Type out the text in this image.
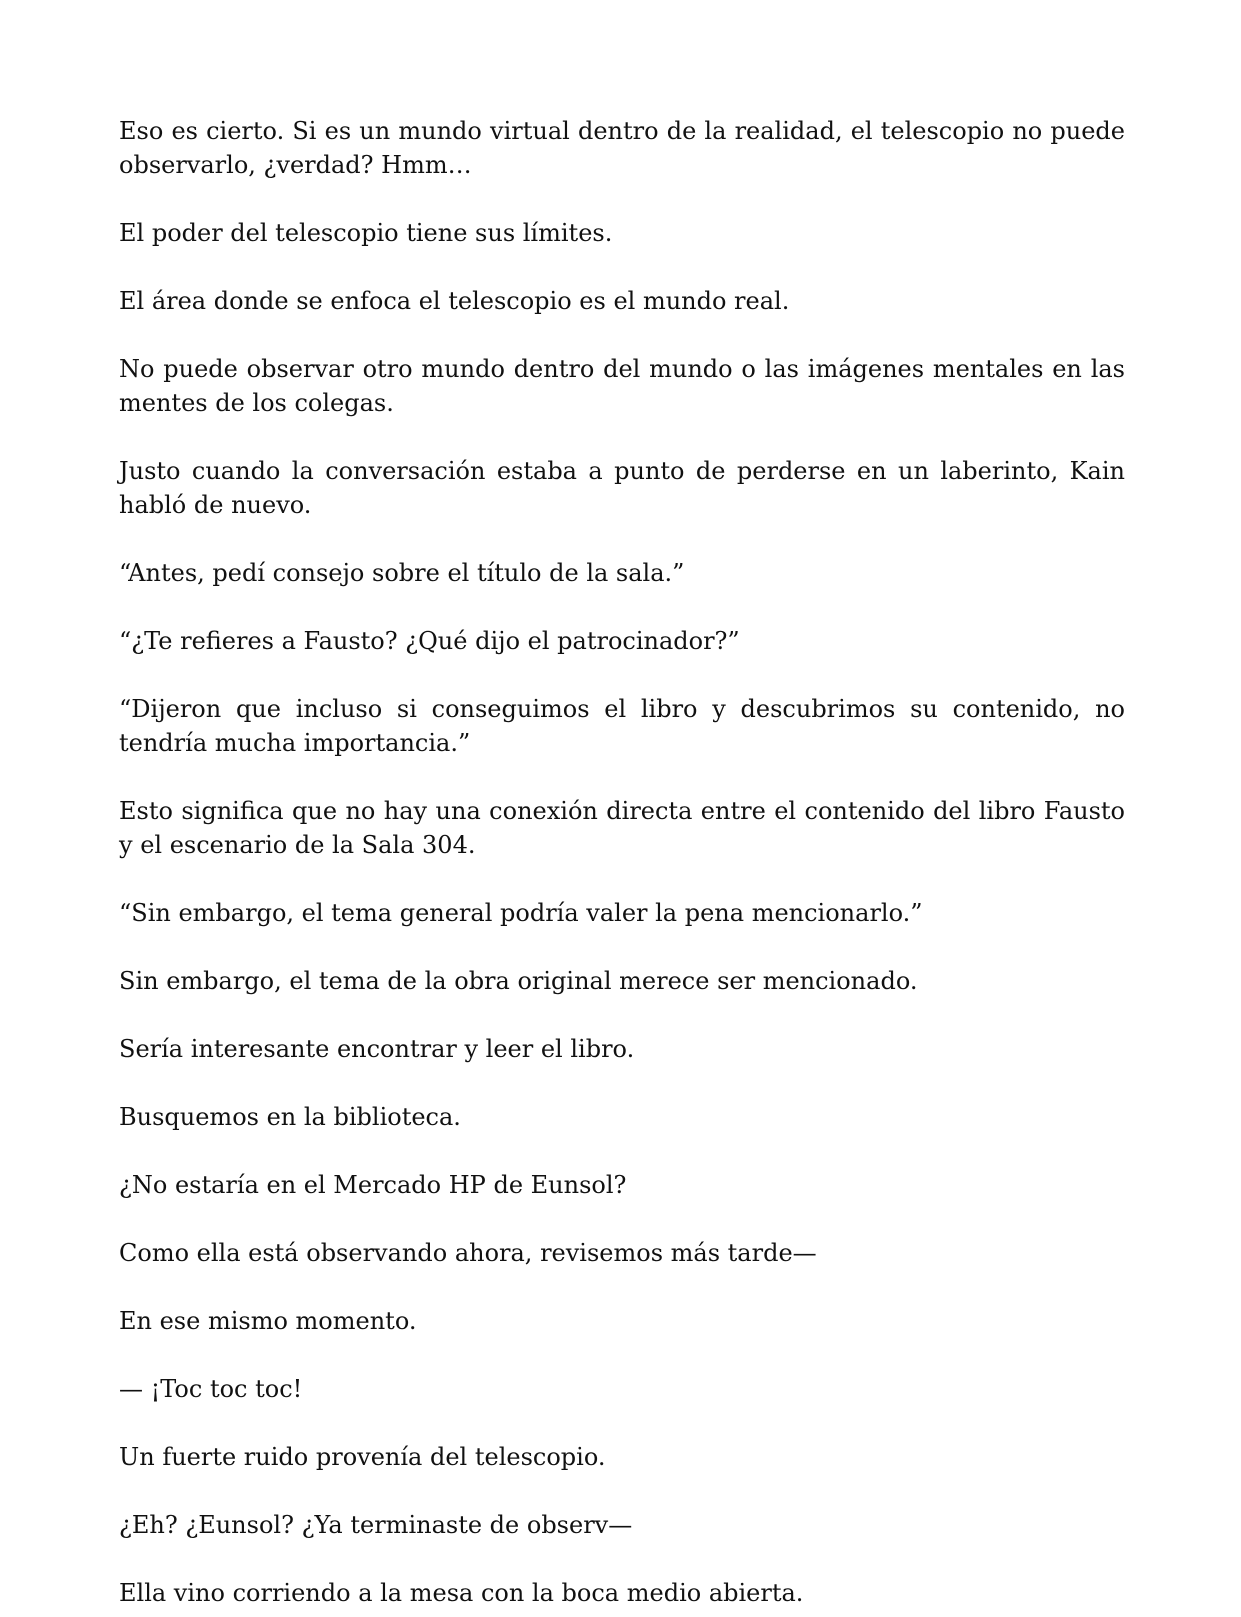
Eso es cierto. Si es un mundo virtual dentro de la realidad, el telescopio no puede observarlo, ¿verdad? Hmm…

El poder del telescopio tiene sus límites.

El área donde se enfoca el telescopio es el mundo real.

No puede observar otro mundo dentro del mundo o las imágenes mentales en las mentes de los colegas.

Justo cuando la conversación estaba a punto de perderse en un laberinto, Kain habló de nuevo.

“Antes, pedí consejo sobre el título de la sala.”

“¿Te refieres a Fausto? ¿Qué dijo el patrocinador?”

“Dijeron que incluso si conseguimos el libro y descubrimos su contenido, no tendría mucha importancia.”

Esto significa que no hay una conexión directa entre el contenido del libro Fausto y el escenario de la Sala 304.

“Sin embargo, el tema general podría valer la pena mencionarlo.”

Sin embargo, el tema de la obra original merece ser mencionado.

Sería interesante encontrar y leer el libro.

Busquemos en la biblioteca.

¿No estaría en el Mercado HP de Eunsol?

Como ella está observando ahora, revisemos más tarde—

En ese mismo momento.

— ¡Toc toc toc!

Un fuerte ruido provenía del telescopio.

¿Eh? ¿Eunsol? ¿Ya terminaste de observ—

Ella vino corriendo a la mesa con la boca medio abierta.
